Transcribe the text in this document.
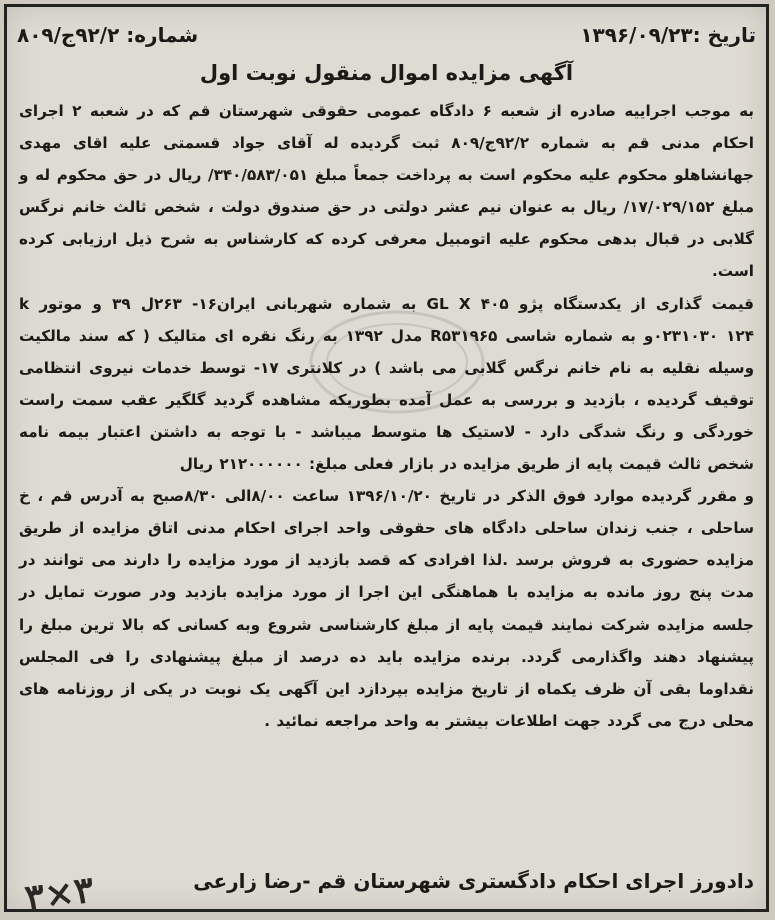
تاریخ :۱۳۹۶/۰۹/۲۳
شماره: ۹۲/۲ج/۸۰۹
آگهی مزایده اموال منقول نوبت اول

به موجب اجراییه صادره از شعبه ۶ دادگاه عمومی حقوقی شهرستان قم که در شعبه ۲ اجرای احکام مدنی قم به شماره ۹۲/۲ج/۸۰۹ ثبت گردیده له آقای جواد قسمتی علیه اقای مهدی جهانشاهلو محکوم علیه محکوم است به پرداخت جمعاً مبلغ ۳۴۰/۵۸۳/۰۵۱/ ریال در حق محکوم له و مبلغ ۱۷/۰۲۹/۱۵۲/ ریال به عنوان نیم عشر دولتی در حق صندوق دولت ، شخص ثالث خانم نرگس گلابی در قبال بدهی محکوم علیه اتومبیل معرفی کرده که کارشناس به شرح ذیل ارزیابی کرده است.

قیمت گذاری از یکدستگاه پژو GL X ۴۰۵ به شماره شهربانی ایران۱۶- ۲۶۳ل ۳۹ و موتور k ۰۲۳۱۰۳۰ ۱۲۴و به شماره شاسی R۵۳۱۹۶۵ مدل ۱۳۹۲ به رنگ نقره ای متالیک ( که سند مالکیت وسیله نقلیه به نام خانم نرگس گلابی می باشد ) در کلانتری ۱۷- توسط خدمات نیروی انتظامی توقیف گردیده ، بازدید و بررسی به عمل آمده بطوریکه مشاهده گردید گلگیر عقب سمت راست خوردگی و رنگ شدگی دارد - لاستیک ها متوسط میباشد - با توجه به داشتن اعتبار بیمه نامه شخص ثالث قیمت پایه از طریق مزایده در بازار فعلی مبلغ: ۲۱۲۰۰۰۰۰۰ ریال

و مقرر گردیده موارد فوق الذکر در تاریخ ۱۳۹۶/۱۰/۲۰ ساعت ۸/۰۰الی ۸/۳۰صبح به آدرس قم ، خ ساحلی ، جنب زندان ساحلی دادگاه های حقوقی واحد اجرای احکام مدنی اتاق مزایده از طریق مزایده حضوری به فروش برسد .لذا افرادی که قصد بازدید از مورد مزایده را دارند می توانند در مدت پنج روز مانده به مزایده با هماهنگی این اجرا از مورد مزایده بازدید ودر صورت تمایل در جلسه مزایده شرکت نمایند قیمت پایه از مبلغ کارشناسی شروع وبه کسانی که بالا ترین مبلغ را پیشنهاد دهند واگذارمی گردد. برنده مزایده باید ده درصد از مبلغ پیشنهادی را فی المجلس نقداوما بقی آن ظرف یکماه از تاریخ مزایده بپردازد این آگهی یک نوبت در یکی از روزنامه های محلی درج می گردد جهت اطلاعات بیشتر به واحد مراجعه نمائید .

دادورز اجرای احکام دادگستری شهرستان قم -رضا زارعی
۳×۳
